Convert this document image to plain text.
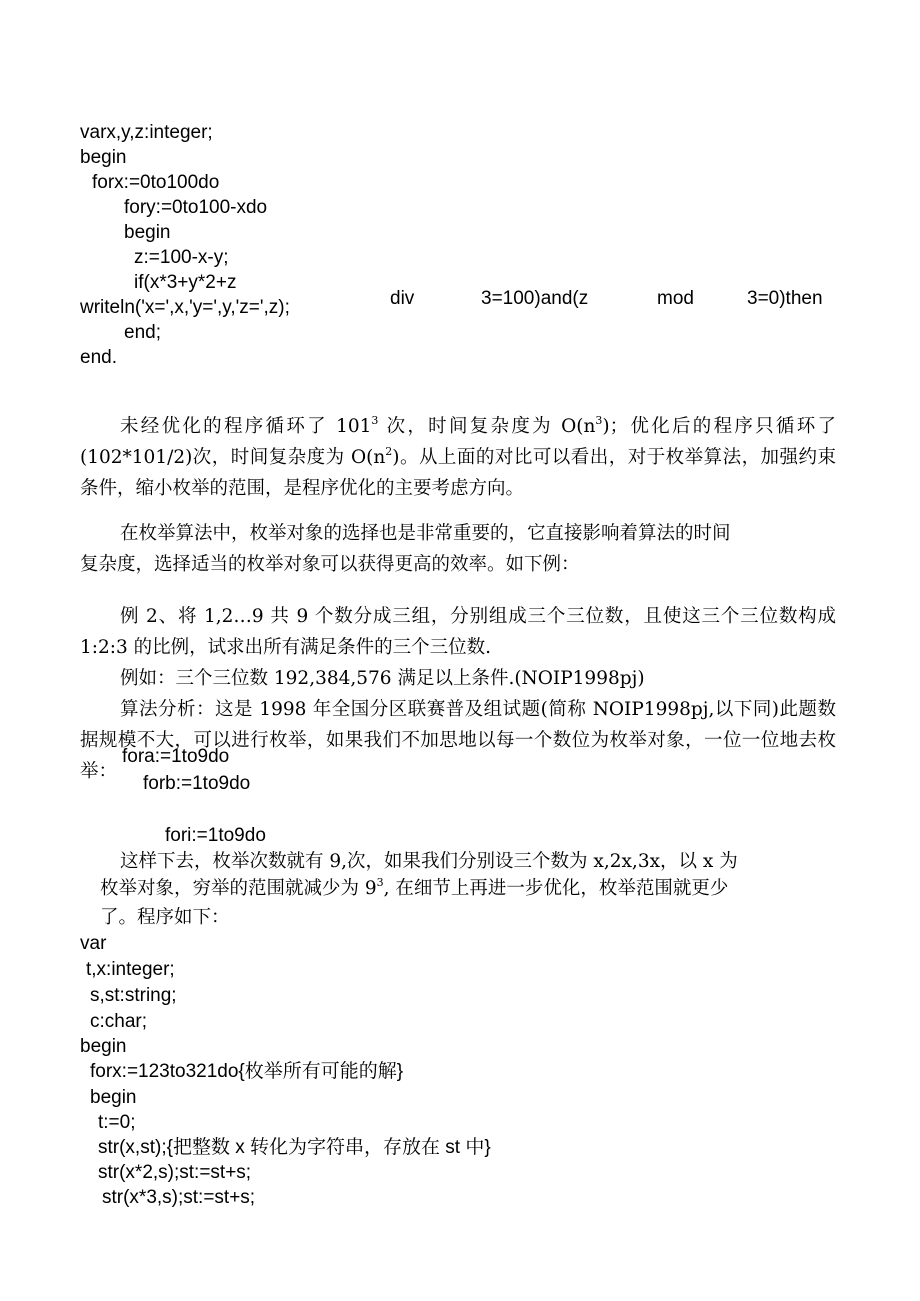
varx,y,z:integer;
begin
forx:=0to100do
fory:=0to100-xdo
begin
z:=100-x-y;
if(x*3+y*2+z
writeln('x=',x,'y=',y,'z=',z);	div	3=100)and(z	mod	3=0)then
end;
end.

未经优化的程序循环了 $101^3$ 次，时间复杂度为 $O(n^3)$；优化后的程序只循环了(102*101/2)次，时间复杂度为 $O(n^2)$。从上面的对比可以看出，对于枚举算法，加强约束条件，缩小枚举的范围，是程序优化的主要考虑方向。

在枚举算法中，枚举对象的选择也是非常重要的，它直接影响着算法的时间
复杂度，选择适当的枚举对象可以获得更高的效率。如下例：

例 2、将 1,2…9 共 9 个数分成三组，分别组成三个三位数，且使这三个三位数构成 1:2:3 的比例，试求出所有满足条件的三个三位数.

例如：三个三位数 192,384,576 满足以上条件.(NOIP1998pj)

算法分析：这是 1998 年全国分区联赛普及组试题(简称 NOIP1998pj,以下同)此题数据规模不大，可以进行枚举，如果我们不加思地以每一个数位为枚举对象，一位一位地去枚举：

fora:=1to9do
forb:=1to9do
fori:=1to9do
这样下去，枚举次数就有 9,次，如果我们分别设三个数为 x,2x,3x，以 x 为
枚举对象，穷举的范围就减少为 $9^3$, 在细节上再进一步优化，枚举范围就更少
了。程序如下：
var
t,x:integer;
s,st:string;
c:char;
begin
forx:=123to321do{枚举所有可能的解}
begin
t:=0;
str(x,st);{把整数 x 转化为字符串，存放在 st 中}
str(x*2,s);st:=st+s;
str(x*3,s);st:=st+s;
